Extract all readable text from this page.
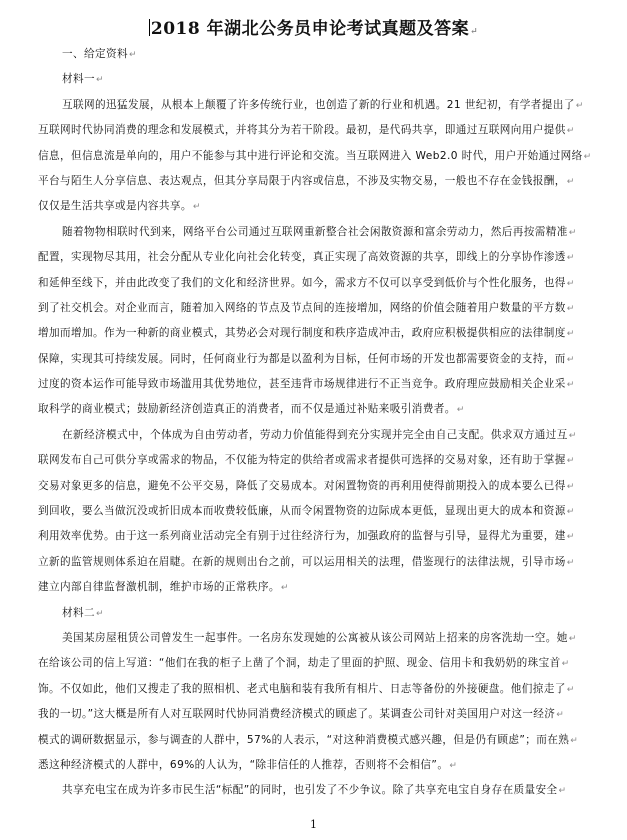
2018 年湖北公务员申论考试真题及答案↵
一、给定资料↵
材料一↵
互联网的迅猛发展，从根本上颠覆了许多传统行业，也创造了新的行业和机遇。21 世纪初，有学者提出了↵
互联网时代协同消费的理念和发展模式，并将其分为若干阶段。最初，是代码共享，即通过互联网向用户提供↵
信息，但信息流是单向的，用户不能参与其中进行评论和交流。当互联网进入 Web2.0 时代，用户开始通过网络↵
平台与陌生人分享信息、表达观点，但其分享局限于内容或信息，不涉及实物交易，一般也不存在金钱报酬，↵
仅仅是生活共享或是内容共享。↵
随着物物相联时代到来，网络平台公司通过互联网重新整合社会闲散资源和富余劳动力，然后再按需精准↵
配置，实现物尽其用，社会分配从专业化向社会化转变，真正实现了高效资源的共享，即线上的分享协作渗透↵
和延伸至线下，并由此改变了我们的文化和经济世界。如今，需求方不仅可以享受到低价与个性化服务，也得↵
到了社交机会。对企业而言，随着加入网络的节点及节点间的连接增加，网络的价值会随着用户数量的平方数↵
增加而增加。作为一种新的商业模式，其势必会对现行制度和秩序造成冲击，政府应积极提供相应的法律制度↵
保障，实现其可持续发展。同时，任何商业行为都是以盈利为目标，任何市场的开发也都需要资金的支持，而↵
过度的资本运作可能导致市场滥用其优势地位，甚至违背市场规律进行不正当竞争。政府理应鼓励相关企业采↵
取科学的商业模式；鼓励新经济创造真正的消费者，而不仅是通过补贴来吸引消费者。↵
在新经济模式中，个体成为自由劳动者，劳动力价值能得到充分实现并完全由自己支配。供求双方通过互↵
联网发布自己可供分享或需求的物品，不仅能为特定的供给者或需求者提供可选择的交易对象，还有助于掌握↵
交易对象更多的信息，避免不公平交易，降低了交易成本。对闲置物资的再利用使得前期投入的成本要么已得↵
到回收，要么当做沉没或折旧成本而收费较低廉，从而令闲置物资的边际成本更低，显现出更大的成本和资源↵
利用效率优势。由于这一系列商业活动完全有别于过往经济行为，加强政府的监督与引导，显得尤为重要，建↵
立新的监管规则体系迫在眉睫。在新的规则出台之前，可以运用相关的法理，借鉴现行的法律法规，引导市场↵
建立内部自律监督激机制，维护市场的正常秩序。↵
材料二↵
美国某房屋租赁公司曾发生一起事件。一名房东发现她的公寓被从该公司网站上招来的房客洗劫一空。她↵
在给该公司的信上写道：“他们在我的柜子上凿了个洞，劫走了里面的护照、现金、信用卡和我奶奶的珠宝首↵
饰。不仅如此，他们又搜走了我的照相机、老式电脑和装有我所有相片、日志等备份的外接硬盘。他们掠走了↵
我的一切。”这大概是所有人对互联网时代协同消费经济模式的顾虑了。某调查公司针对美国用户对这一经济↵
模式的调研数据显示，参与调查的人群中，57%的人表示，“对这种消费模式感兴趣，但是仍有顾虑”；而在熟↵
悉这种经济模式的人群中，69%的人认为，“除非信任的人推荐，否则将不会相信”。↵
共享充电宝在成为许多市民生活“标配”的同时，也引发了不少争议。除了共享充电宝自身存在质量安全↵
1
